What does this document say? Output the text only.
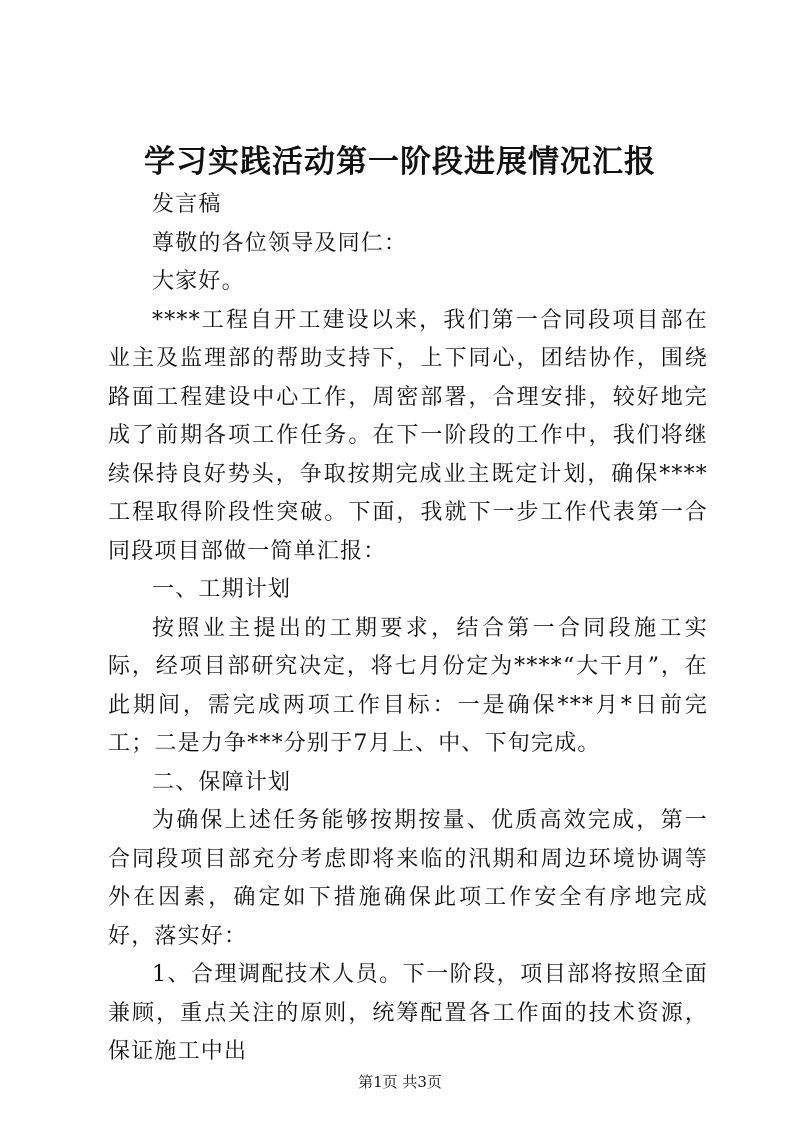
学习实践活动第一阶段进展情况汇报

发言稿

尊敬的各位领导及同仁：

大家好。

****工程自开工建设以来，我们第一合同段项目部在业主及监理部的帮助支持下，上下同心，团结协作，围绕路面工程建设中心工作，周密部署，合理安排，较好地完成了前期各项工作任务。在下一阶段的工作中，我们将继续保持良好势头，争取按期完成业主既定计划，确保****工程取得阶段性突破。下面，我就下一步工作代表第一合同段项目部做一简单汇报：

一、工期计划

按照业主提出的工期要求，结合第一合同段施工实际，经项目部研究决定，将七月份定为****“大干月”，在此期间，需完成两项工作目标：一是确保***月*日前完工；二是力争***分别于7月上、中、下旬完成。

二、保障计划

为确保上述任务能够按期按量、优质高效完成，第一合同段项目部充分考虑即将来临的汛期和周边环境协调等外在因素，确定如下措施确保此项工作安全有序地完成好，落实好：

1、合理调配技术人员。下一阶段，项目部将按照全面兼顾，重点关注的原则，统筹配置各工作面的技术资源，保证施工中出

第1页 共3页
